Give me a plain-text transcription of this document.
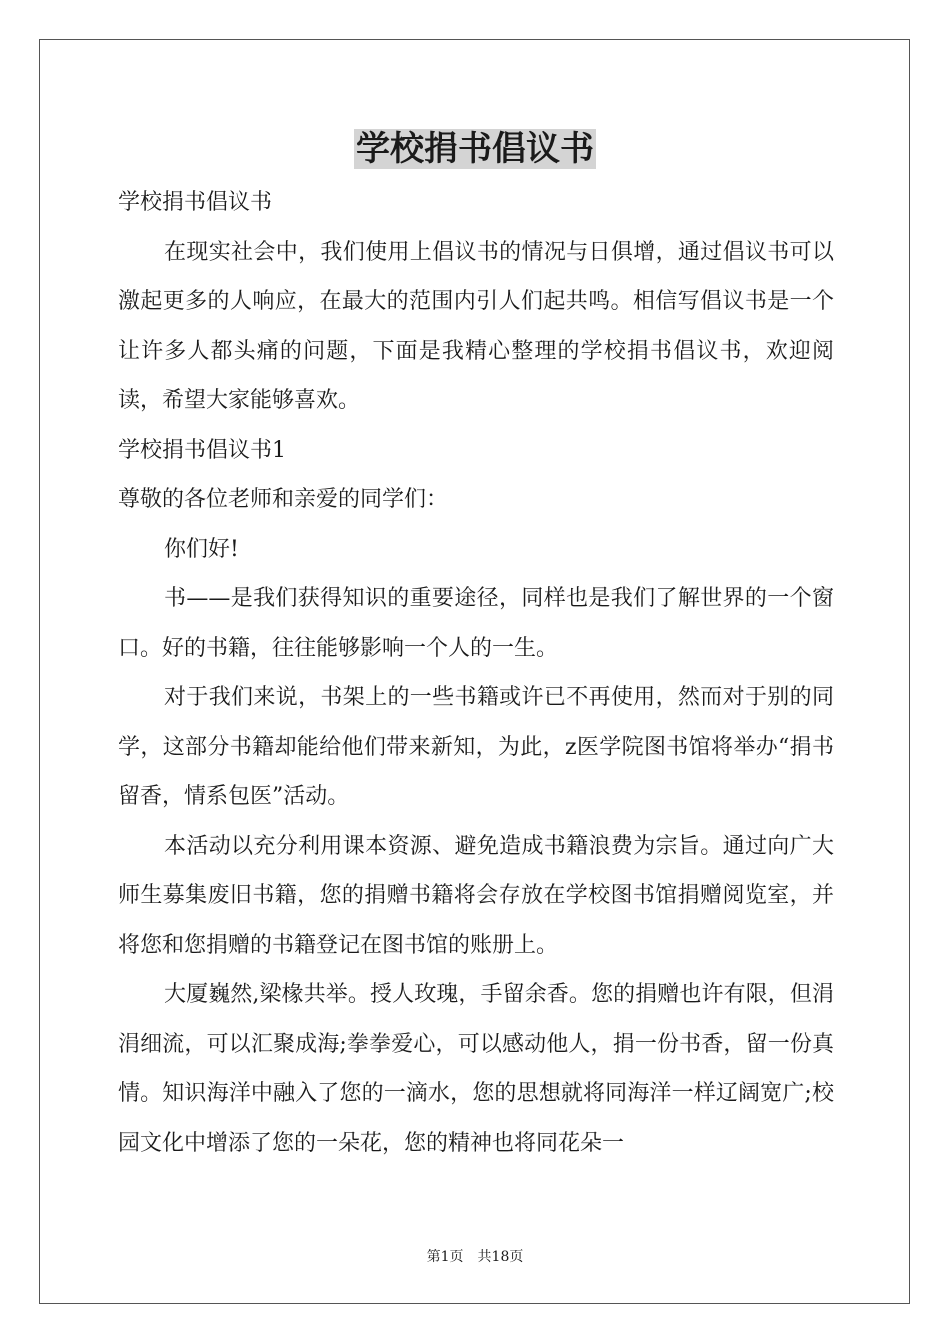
学校捐书倡议书

学校捐书倡议书

在现实社会中，我们使用上倡议书的情况与日俱增，通过倡议书可以激起更多的人响应，在最大的范围内引人们起共鸣。相信写倡议书是一个让许多人都头痛的问题，下面是我精心整理的学校捐书倡议书，欢迎阅读，希望大家能够喜欢。

学校捐书倡议书1

尊敬的各位老师和亲爱的同学们：

你们好!

书——是我们获得知识的重要途径，同样也是我们了解世界的一个窗口。好的书籍，往往能够影响一个人的一生。

对于我们来说，书架上的一些书籍或许已不再使用，然而对于别的同学，这部分书籍却能给他们带来新知，为此，z医学院图书馆将举办“捐书留香，情系包医”活动。

本活动以充分利用课本资源、避免造成书籍浪费为宗旨。通过向广大师生募集废旧书籍，您的捐赠书籍将会存放在学校图书馆捐赠阅览室，并将您和您捐赠的书籍登记在图书馆的账册上。

大厦巍然,梁椽共举。授人玫瑰，手留余香。您的捐赠也许有限，但涓涓细流，可以汇聚成海;拳拳爱心，可以感动他人，捐一份书香，留一份真情。知识海洋中融入了您的一滴水，您的思想就将同海洋一样辽阔宽广;校园文化中增添了您的一朵花，您的精神也将同花朵一

第1页 共18页
